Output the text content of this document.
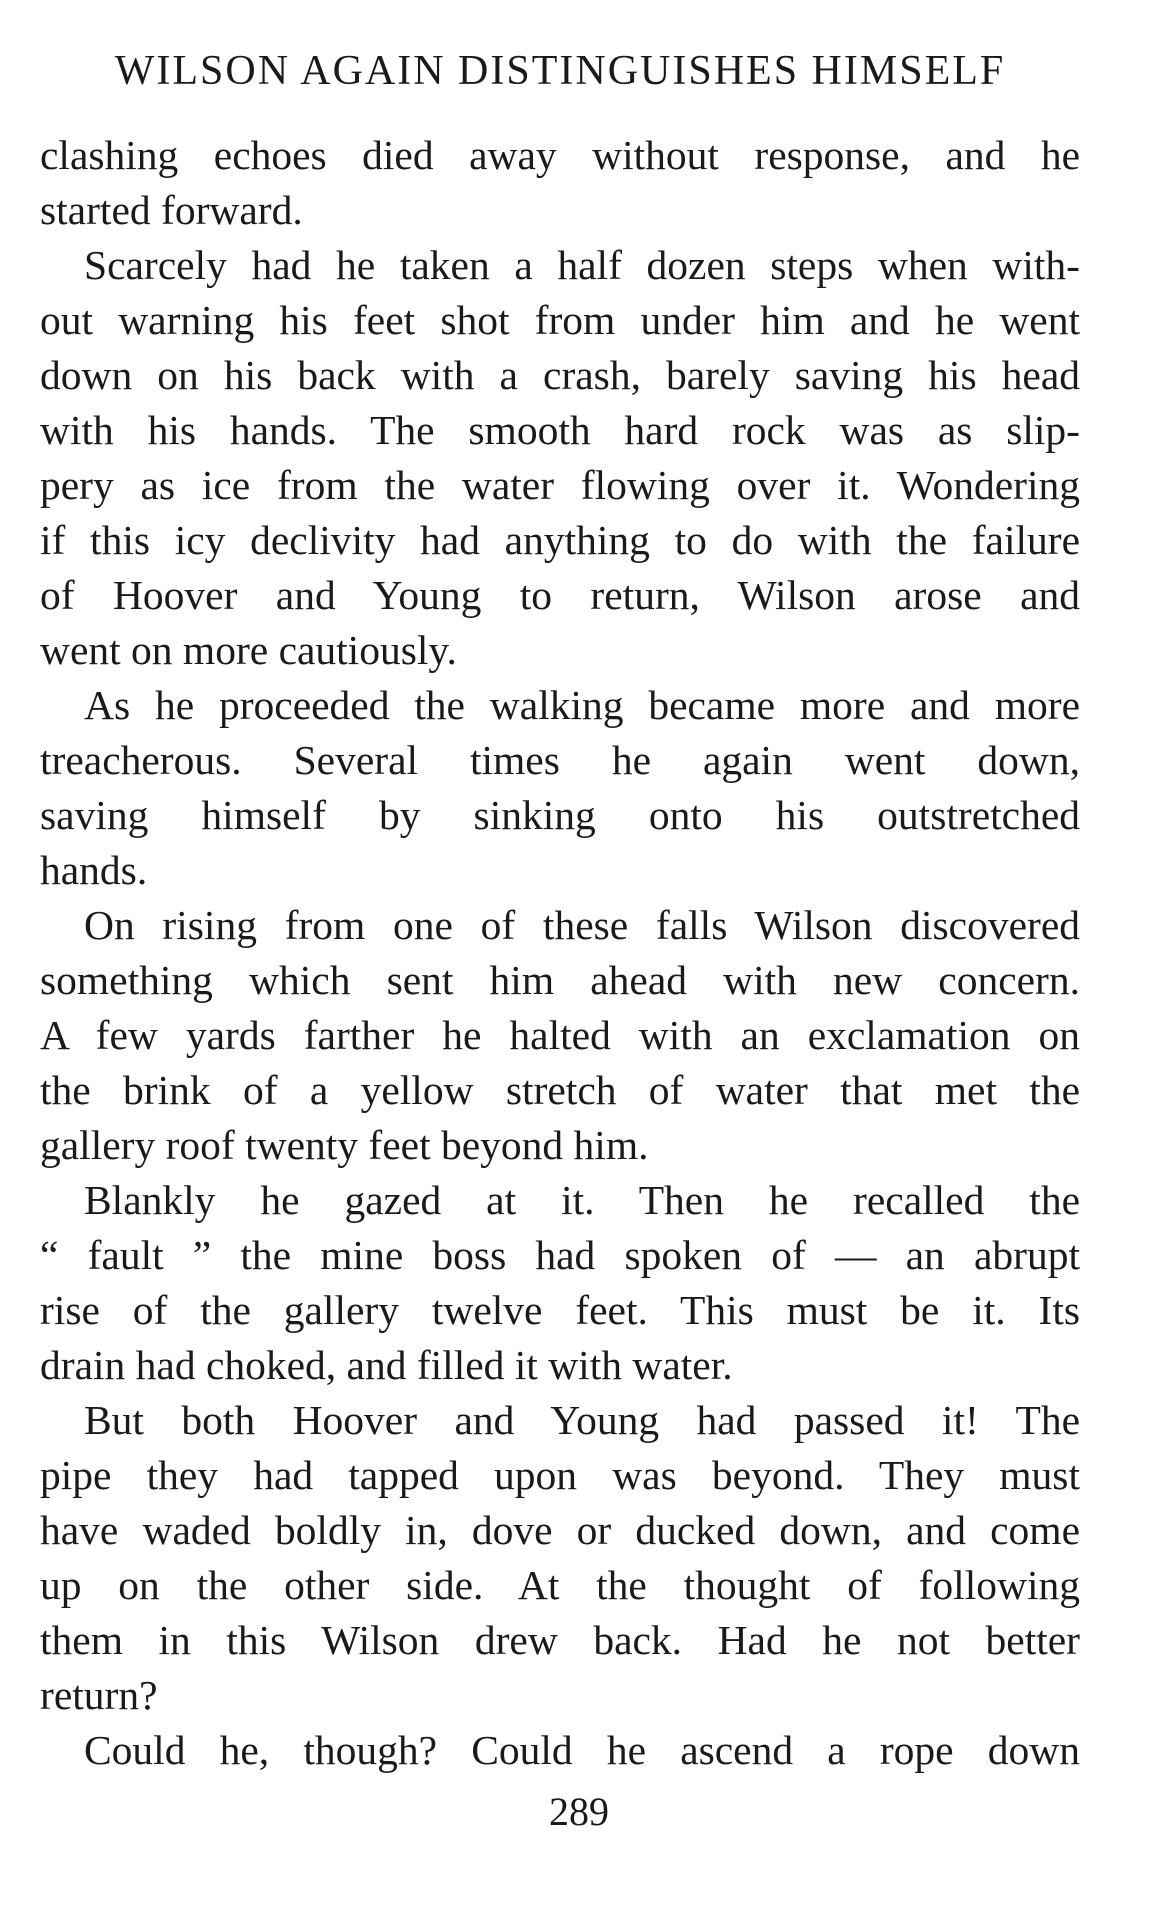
WILSON AGAIN DISTINGUISHES HIMSELF
clashing echoes died away without response, and he
started forward.
Scarcely had he taken a half dozen steps when with-
out warning his feet shot from under him and he went
down on his back with a crash, barely saving his head
with his hands. The smooth hard rock was as slip-
pery as ice from the water flowing over it. Wondering
if this icy declivity had anything to do with the failure
of Hoover and Young to return, Wilson arose and
went on more cautiously.
As he proceeded the walking became more and more
treacherous. Several times he again went down,
saving himself by sinking onto his outstretched
hands.
On rising from one of these falls Wilson discovered
something which sent him ahead with new concern.
A few yards farther he halted with an exclamation on
the brink of a yellow stretch of water that met the
gallery roof twenty feet beyond him.
Blankly he gazed at it. Then he recalled the
“ fault ” the mine boss had spoken of — an abrupt
rise of the gallery twelve feet. This must be it. Its
drain had choked, and filled it with water.
But both Hoover and Young had passed it! The
pipe they had tapped upon was beyond. They must
have waded boldly in, dove or ducked down, and come
up on the other side. At the thought of following
them in this Wilson drew back. Had he not better
return?
Could he, though? Could he ascend a rope down
289
